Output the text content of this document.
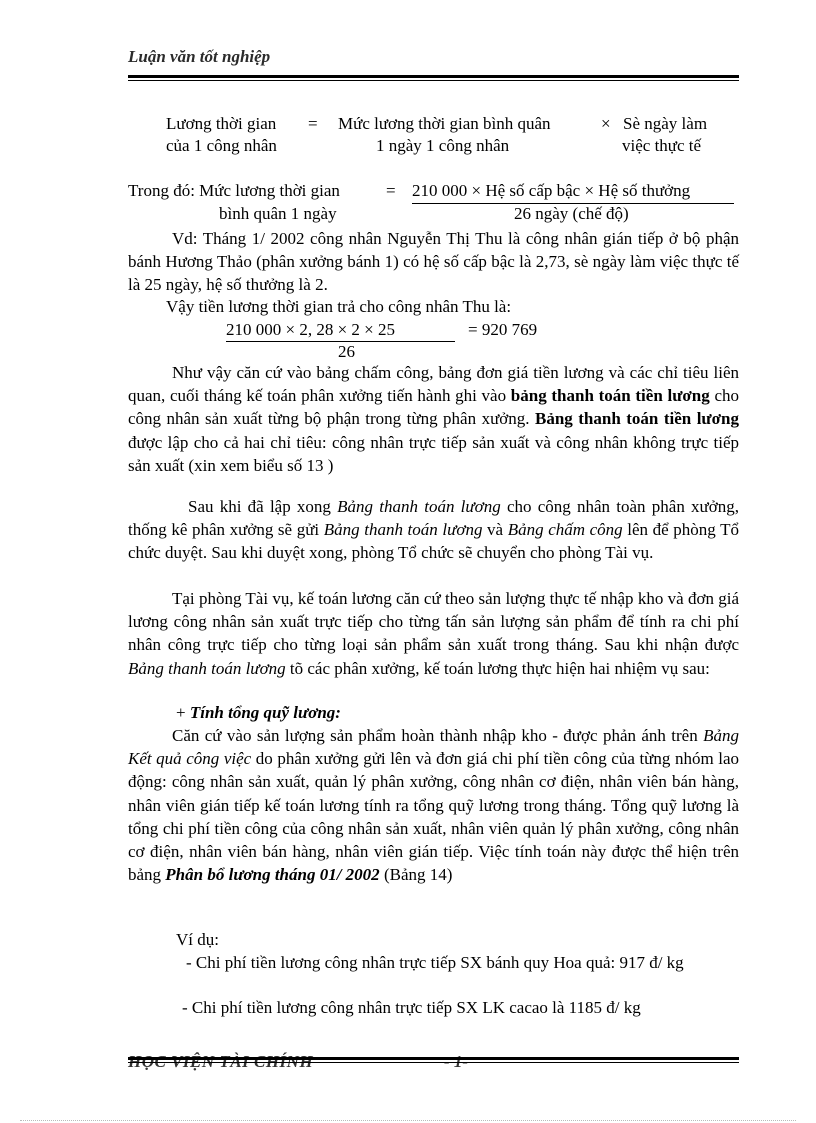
Luận văn tốt nghiệp
Lương thời gian
của 1 công nhân
= Mức lương thời gian bình quân
1 ngày 1 công nhân
× Sè ngày làm
việc thực tế
Trong đó: Mức lương thời gian
bình quân 1 ngày
= 210 000 × Hệ số cấp bậc × Hệ số thưởng
26 ngày (chế độ)
Vd: Tháng 1/ 2002 công nhân Nguyễn Thị Thu là công nhân gián tiếp ở bộ phận bánh Hương Thảo (phân xưởng bánh 1) có hệ số cấp bậc là 2,73, sè ngày làm việc thực tế là 25 ngày, hệ số thưởng là 2.
Vậy tiền lương thời gian trả cho công nhân Thu là:
210 000 × 2, 28 × 2 × 25	= 920 769
26
Như vậy căn cứ vào bảng chấm công, bảng đơn giá tiền lương và các chỉ tiêu liên quan, cuối tháng kế toán phân xưởng tiến hành ghi vào bảng thanh toán tiền lương cho công nhân sản xuất từng bộ phận trong từng phân xưởng. Bảng thanh toán tiền lương được lập cho cả hai chỉ tiêu: công nhân trực tiếp sản xuất và công nhân không trực tiếp sản xuất (xin xem biểu số 13 )
Sau khi đã lập xong Bảng thanh toán lương cho công nhân toàn phân xưởng, thống kê phân xưởng sẽ gửi Bảng thanh toán lương và Bảng chấm công lên để phòng Tổ chức duyệt. Sau khi duyệt xong, phòng Tổ chức sẽ chuyển cho phòng Tài vụ.
Tại phòng Tài vụ, kế toán lương căn cứ theo sản lượng thực tế nhập kho và đơn giá lương công nhân sản xuất trực tiếp cho từng tấn sản lượng sản phẩm để tính ra chi phí nhân công trực tiếp cho từng loại sản phẩm sản xuất trong tháng. Sau khi nhận được Bảng thanh toán lương tõ các phân xưởng, kế toán lương thực hiện hai nhiệm vụ sau:
+ Tính tổng quỹ lương:
Căn cứ vào sản lượng sản phẩm hoàn thành nhập kho - được phản ánh trên Bảng Kết quả công việc do phân xưởng gửi lên và đơn giá chi phí tiền công của từng nhóm lao động: công nhân sản xuất, quản lý phân xưởng, công nhân cơ điện, nhân viên bán hàng, nhân viên gián tiếp kế toán lương tính ra tổng quỹ lương trong tháng. Tổng quỹ lương là tổng chi phí tiền công của công nhân sản xuất, nhân viên quản lý phân xưởng, công nhân cơ điện, nhân viên bán hàng, nhân viên gián tiếp. Việc tính toán này được thể hiện trên bảng Phân bổ lương tháng 01/ 2002 (Bảng 14)
Ví dụ:
- Chi phí tiền lương công nhân trực tiếp SX bánh quy Hoa quả: 917 đ/ kg
- Chi phí tiền lương công nhân trực tiếp SX LK cacao là 1185 đ/ kg
HỌC VIỆN TÀI CHÍNH	- 1-
